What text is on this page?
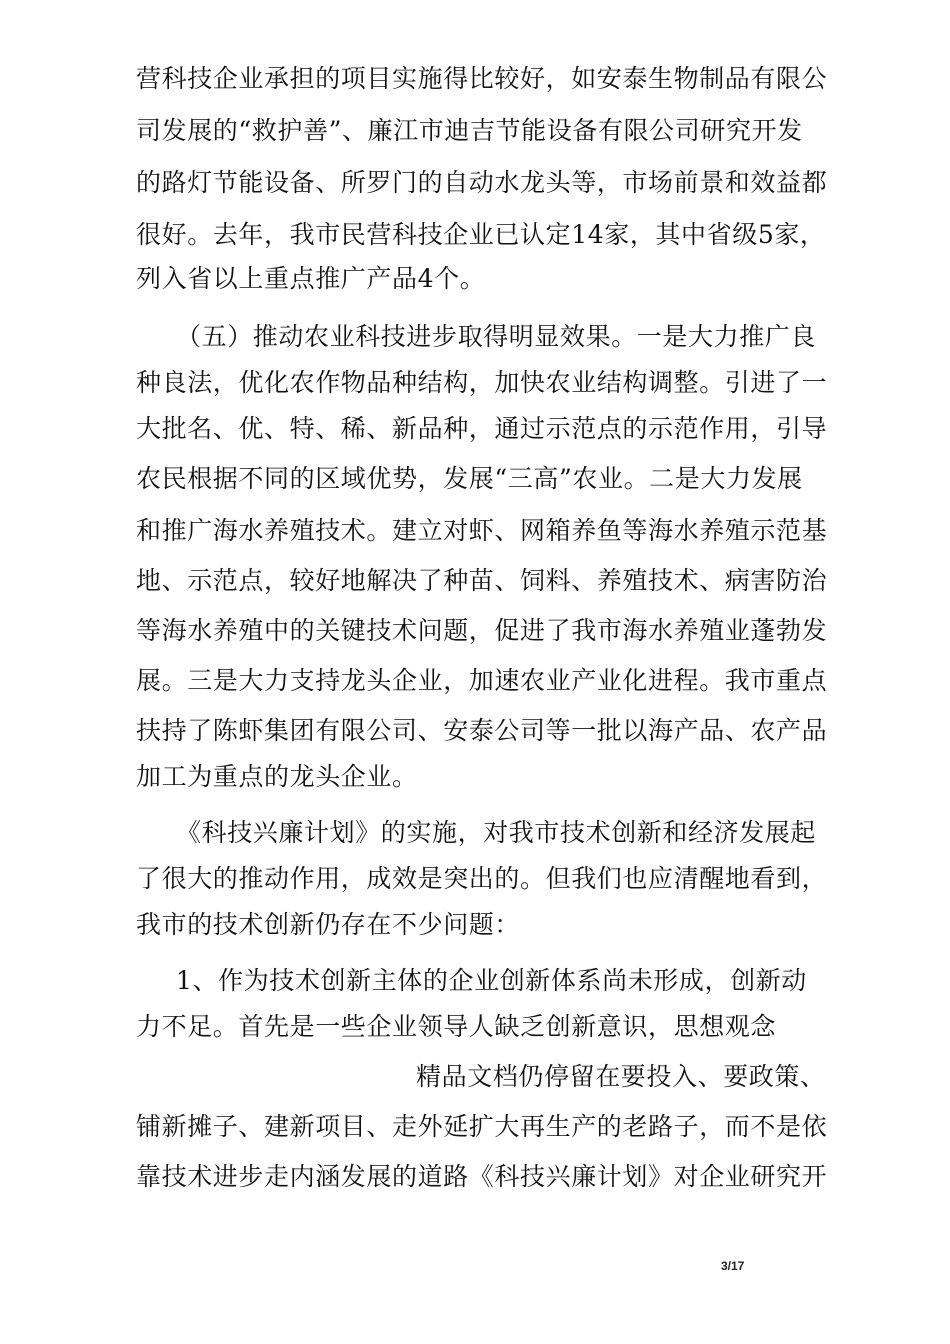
营科技企业承担的项目实施得比较好，如安泰生物制品有限公
司发展的“救护善”、廉江市迪吉节能设备有限公司研究开发
的路灯节能设备、所罗门的自动水龙头等，市场前景和效益都
很好。去年，我市民营科技企业已认定14家，其中省级5家，
列入省以上重点推广产品4个。
（五）推动农业科技进步取得明显效果。一是大力推广良
种良法，优化农作物品种结构，加快农业结构调整。引进了一
大批名、优、特、稀、新品种，通过示范点的示范作用，引导
农民根据不同的区域优势，发展“三高”农业。二是大力发展
和推广海水养殖技术。建立对虾、网箱养鱼等海水养殖示范基
地、示范点，较好地解决了种苗、饲料、养殖技术、病害防治
等海水养殖中的关键技术问题，促进了我市海水养殖业蓬勃发
展。三是大力支持龙头企业，加速农业产业化进程。我市重点
扶持了陈虾集团有限公司、安泰公司等一批以海产品、农产品
加工为重点的龙头企业。
《科技兴廉计划》的实施，对我市技术创新和经济发展起
了很大的推动作用，成效是突出的。但我们也应清醒地看到，
我市的技术创新仍存在不少问题：
1、作为技术创新主体的企业创新体系尚未形成，创新动
力不足。首先是一些企业领导人缺乏创新意识，思想观念
精品文档仍停留在要投入、要政策、
铺新摊子、建新项目、走外延扩大再生产的老路子，而不是依
靠技术进步走内涵发展的道路《科技兴廉计划》对企业研究开
3/17
